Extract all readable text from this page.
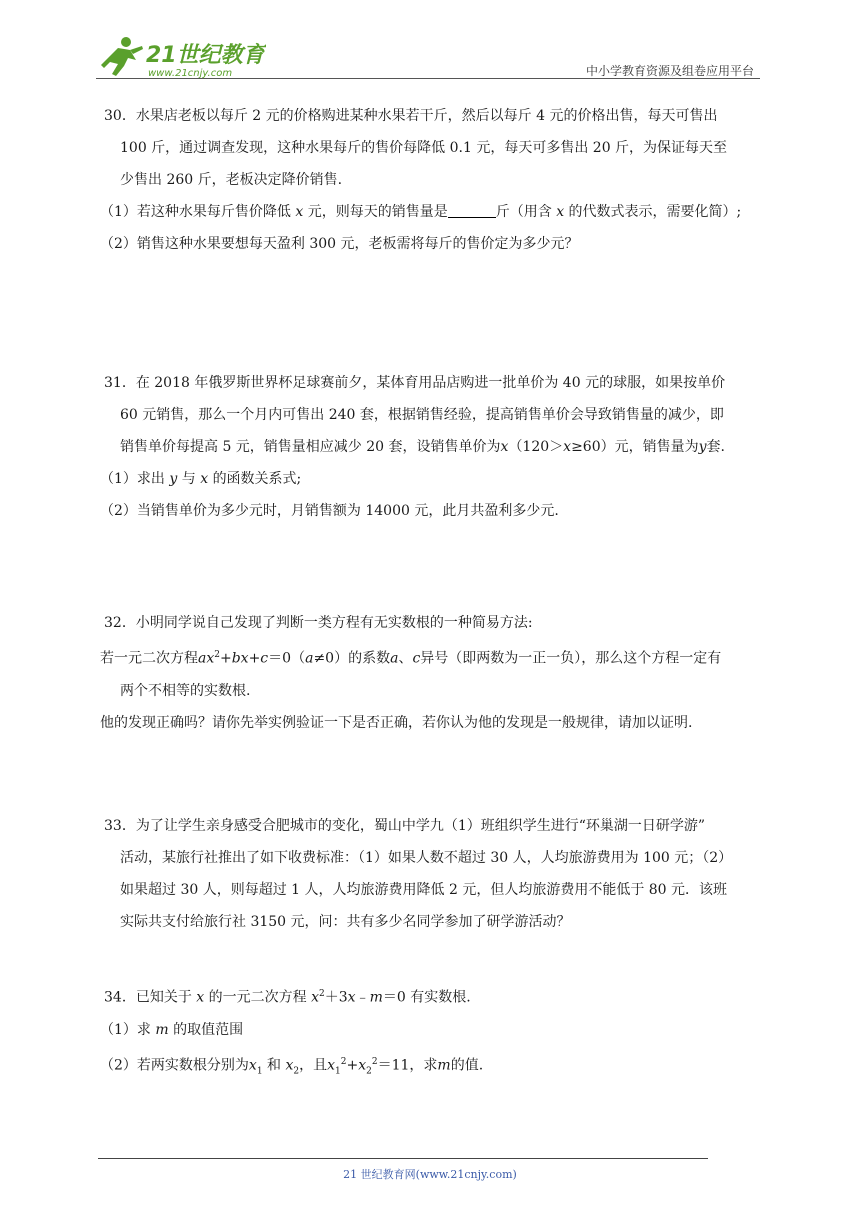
21世纪教育
www.21cnjy.com	中小学教育资源及组卷应用平台

30．水果店老板以每斤 2 元的价格购进某种水果若干斤，然后以每斤 4 元的价格出售，每天可售出

100 斤，通过调查发现，这种水果每斤的售价每降低 0.1 元，每天可多售出 20 斤，为保证每天至

少售出 260 斤，老板决定降价销售.

（1）若这种水果每斤售价降低 x 元，则每天的销售量是	斤（用含 x 的代数式表示，需要化简）;

（2）销售这种水果要想每天盈利 300 元，老板需将每斤的售价定为多少元？

31．在 2018 年俄罗斯世界杯足球赛前夕，某体育用品店购进一批单价为 40 元的球服，如果按单价

60 元销售，那么一个月内可售出 240 套，根据销售经验，提高销售单价会导致销售量的减少，即

销售单价每提高 5 元，销售量相应减少 20 套，设销售单价为x（120＞x≥60）元，销售量为y套.

（1）求出 y 与 x 的函数关系式;

（2）当销售单价为多少元时，月销售额为 14000 元，此月共盈利多少元.

32．小明同学说自己发现了判断一类方程有无实数根的一种简易方法:

若一元二次方程$ax^2+bx+c=0(a\ne 0)$的系数a、c异号（即两数为一正一负），那么这个方程一定有

两个不相等的实数根.

他的发现正确吗？请你先举实例验证一下是否正确，若你认为他的发现是一般规律，请加以证明.

33．为了让学生亲身感受合肥城市的变化，蜀山中学九（1）班组织学生进行“环巢湖一日研学游”

活动，某旅行社推出了如下收费标准：（1）如果人数不超过 30 人，人均旅游费用为 100 元；（2）

如果超过 30 人，则每超过 1 人，人均旅游费用降低 2 元，但人均旅游费用不能低于 80 元．该班

实际共支付给旅行社 3150 元，问：共有多少名同学参加了研学游活动？

34．已知关于 x 的一元二次方程 $x^2+3x﹣m=0$ 有实数根.

（1）求 m 的取值范围

（2）若两实数根分别为$x_1$ 和 $x_2$，且$x_1^2+x_2^2=11$，求m的值.

21 世纪教育网(www.21cnjy.com)
